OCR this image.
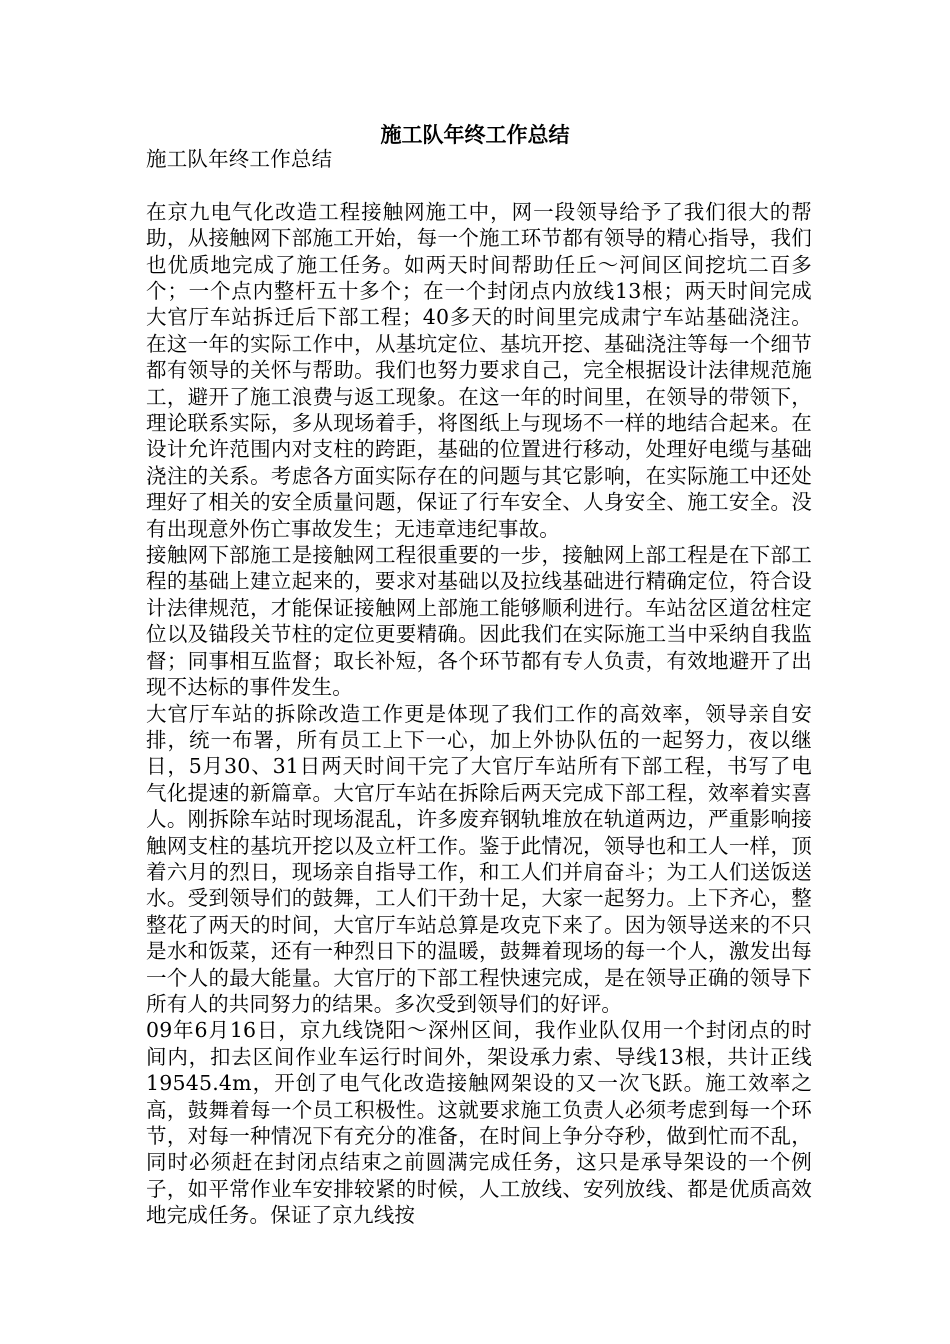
施工队年终工作总结
施工队年终工作总结

在京九电气化改造工程接触网施工中，网一段领导给予了我们很大的帮助，从接触网下部施工开始，每一个施工环节都有领导的精心指导，我们也优质地完成了施工任务。如两天时间帮助任丘～河间区间挖坑二百多个；一个点内整杆五十多个；在一个封闭点内放线13根；两天时间完成大官厅车站拆迁后下部工程；40多天的时间里完成肃宁车站基础浇注。在这一年的实际工作中，从基坑定位、基坑开挖、基础浇注等每一个细节都有领导的关怀与帮助。我们也努力要求自己，完全根据设计法律规范施工，避开了施工浪费与返工现象。在这一年的时间里，在领导的带领下，理论联系实际，多从现场着手，将图纸上与现场不一样的地结合起来。在设计允许范围内对支柱的跨距，基础的位置进行移动，处理好电缆与基础浇注的关系。考虑各方面实际存在的问题与其它影响，在实际施工中还处理好了相关的安全质量问题，保证了行车安全、人身安全、施工安全。没有出现意外伤亡事故发生；无违章违纪事故。

接触网下部施工是接触网工程很重要的一步，接触网上部工程是在下部工程的基础上建立起来的，要求对基础以及拉线基础进行精确定位，符合设计法律规范，才能保证接触网上部施工能够顺利进行。车站岔区道岔柱定位以及锚段关节柱的定位更要精确。因此我们在实际施工当中采纳自我监督；同事相互监督；取长补短，各个环节都有专人负责，有效地避开了出现不达标的事件发生。

大官厅车站的拆除改造工作更是体现了我们工作的高效率，领导亲自安排，统一布署，所有员工上下一心，加上外协队伍的一起努力，夜以继日，5月30、31日两天时间干完了大官厅车站所有下部工程，书写了电气化提速的新篇章。大官厅车站在拆除后两天完成下部工程，效率着实喜人。刚拆除车站时现场混乱，许多废弃钢轨堆放在轨道两边，严重影响接触网支柱的基坑开挖以及立杆工作。鉴于此情况，领导也和工人一样，顶着六月的烈日，现场亲自指导工作，和工人们并肩奋斗；为工人们送饭送水。受到领导们的鼓舞，工人们干劲十足，大家一起努力。上下齐心，整整花了两天的时间，大官厅车站总算是攻克下来了。因为领导送来的不只是水和饭菜，还有一种烈日下的温暖，鼓舞着现场的每一个人，激发出每一个人的最大能量。大官厅的下部工程快速完成，是在领导正确的领导下所有人的共同努力的结果。多次受到领导们的好评。

09年6月16日，京九线饶阳～深州区间，我作业队仅用一个封闭点的时间内，扣去区间作业车运行时间外，架设承力索、导线13根，共计正线19545.4m，开创了电气化改造接触网架设的又一次飞跃。施工效率之高，鼓舞着每一个员工积极性。这就要求施工负责人必须考虑到每一个环节，对每一种情况下有充分的准备，在时间上争分夺秒，做到忙而不乱，同时必须赶在封闭点结束之前圆满完成任务，这只是承导架设的一个例子，如平常作业车安排较紧的时候，人工放线、安列放线、都是优质高效地完成任务。保证了京九线按
